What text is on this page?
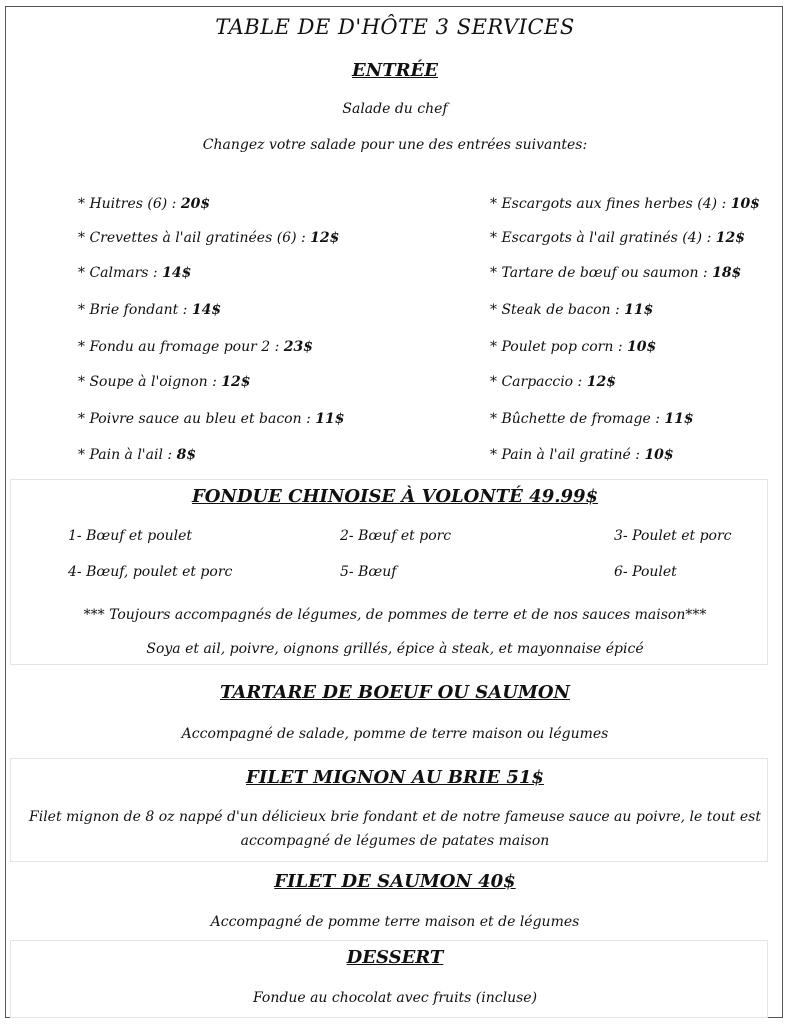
TABLE DE D'HÔTE 3 SERVICES
ENTRÉE
Salade du chef
Changez votre salade pour une des entrées suivantes:
* Huitres (6) : 20$
* Crevettes à l'ail gratinées (6) : 12$
* Calmars : 14$
* Brie fondant : 14$
* Fondu au fromage pour 2 : 23$
* Soupe à l'oignon : 12$
* Poivre sauce au bleu et bacon : 11$
* Pain à l'ail : 8$
* Escargots aux fines herbes (4) : 10$
* Escargots à l'ail gratinés (4) : 12$
* Tartare de bœuf ou saumon : 18$
* Steak de bacon : 11$
* Poulet pop corn : 10$
* Carpaccio : 12$
* Bûchette de fromage : 11$
* Pain à l'ail gratiné : 10$
FONDUE CHINOISE À VOLONTÉ 49.99$
1- Bœuf et poulet	2- Bœuf et porc	3- Poulet et porc
4- Bœuf, poulet et porc	5- Bœuf	6- Poulet
*** Toujours accompagnés de légumes, de pommes de terre et de nos sauces maison***
Soya et ail, poivre, oignons grillés, épice à steak, et mayonnaise épicé
TARTARE DE BOEUF OU SAUMON
Accompagné de salade, pomme de terre maison ou légumes
FILET MIGNON AU BRIE 51$
Filet mignon de 8 oz nappé d'un délicieux brie fondant et de notre fameuse sauce au poivre, le tout est accompagné de légumes de patates maison
FILET DE SAUMON 40$
Accompagné de pomme terre maison et de légumes
DESSERT
Fondue au chocolat avec fruits (incluse)
